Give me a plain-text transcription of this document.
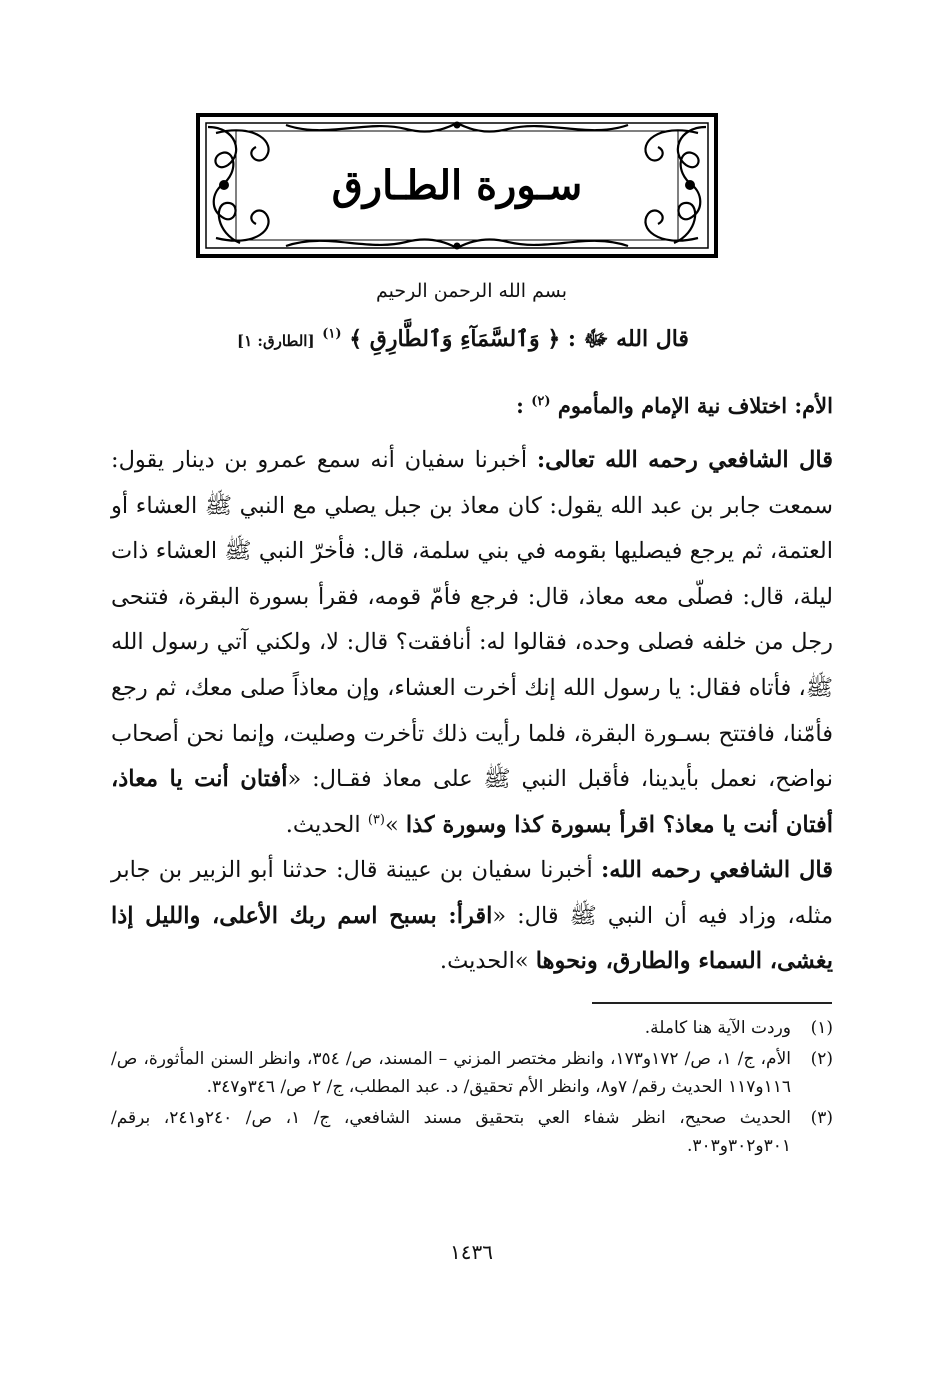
سـورة الطـارق
بسم الله الرحمن الرحيم
قال الله ﷻ : ﴿ وَٱلسَّمَآءِ وَٱلطَّارِقِ ﴾ $^{(١)}$ [الطارق: ١]
الأم: اختلاف نية الإمام والمأموم $^{(٢)}$ :

قال الشافعي رحمه الله تعالى: أخبرنا سفيان أنه سمع عمرو بن دينار يقول: سمعت جابر بن عبد الله يقول: كان معاذ بن جبل يصلي مع النبي ﷺ العشاء أو العتمة، ثم يرجع فيصليها بقومه في بني سلمة، قال: فأخرّ النبي ﷺ العشاء ذات ليلة، قال: فصلّى معه معاذ، قال: فرجع فأمّ قومه، فقرأ بسورة البقرة، فتنحى رجل من خلفه فصلى وحده، فقالوا له: أنافقت؟ قال: لا، ولكني آتي رسول الله ﷺ، فأتاه فقال: يا رسول الله إنك أخرت العشاء، وإن معاذاً صلى معك، ثم رجع فأمّنا، فافتتح بسـورة البقرة، فلما رأيت ذلك تأخرت وصليت، وإنما نحن أصحاب نواضح، نعمل بأيدينا، فأقبل النبي ﷺ على معاذ فقـال: «أفتان أنت يا معاذ، أفتان أنت يا معاذ؟ اقرأ بسورة كذا وسورة كذا »$^{(٣)}$ الحديث.

قال الشافعي رحمه الله: أخبرنا سفيان بن عيينة قال: حدثنا أبو الزبير بن جابر مثله، وزاد فيه أن النبي ﷺ قال: «اقرأ: بسبح اسم ربك الأعلى، والليل إذا يغشى، السماء والطارق، ونحوها »الحديث.

(١)
وردت الآية هنا كاملة.
(٢)
الأم، ج/ ١، ص/ ١٧٢و١٧٣، وانظر مختصر المزني – المسند، ص/ ٣٥٤، وانظر السنن المأثورة، ص/ ١١٦و١١٧ الحديث رقم/ ٧و٨، وانظر الأم تحقيق/ د. عبد المطلب، ج/ ٢ ص/ ٣٤٦و٣٤٧.
(٣)
الحديث صحيح، انظر شفاء العي بتحقيق مسند الشافعي، ج/ ١، ص/ ٢٤٠و٢٤١، برقم/ ٣٠١و٣٠٢و٣٠٣.
١٤٣٦
